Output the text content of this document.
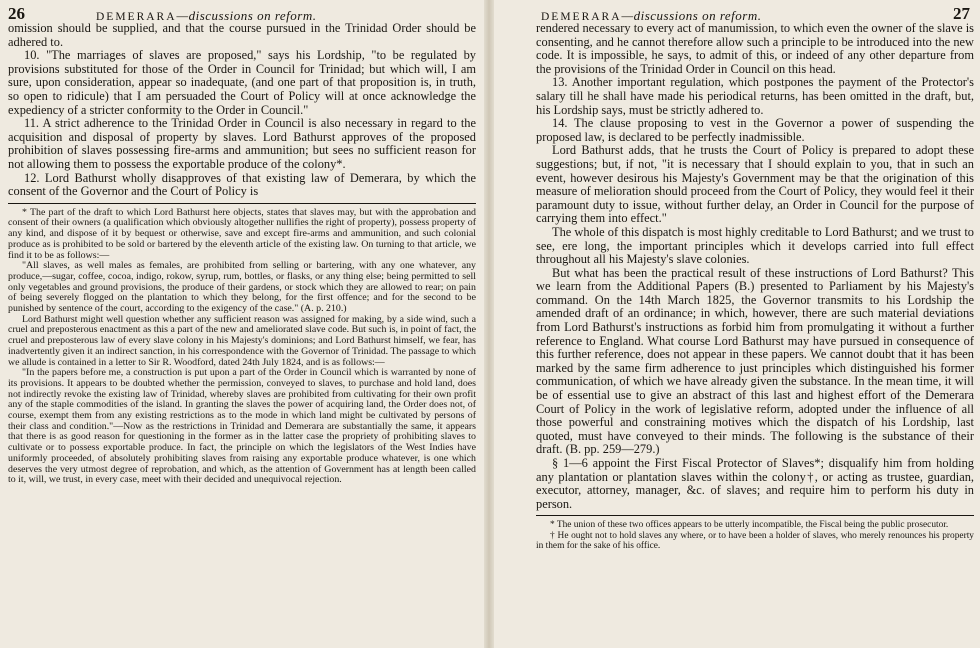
26	DEMERARA—discussions on reform.

omission should be supplied, and that the course pursued in the Trinidad Order should be adhered to.

10. "The marriages of slaves are proposed," says his Lordship, "to be regulated by provisions substituted for those of the Order in Council for Trinidad; but which will, I am sure, upon consideration, appear so inadequate, (and one part of that proposition is, in truth, so open to ridicule) that I am persuaded the Court of Policy will at once acknowledge the expediency of a stricter conformity to the Order in Council."

11. A strict adherence to the Trinidad Order in Council is also necessary in regard to the acquisition and disposal of property by slaves. Lord Bathurst approves of the proposed prohibition of slaves possessing fire-arms and ammunition; but sees no sufficient reason for not allowing them to possess the exportable produce of the colony*.

12. Lord Bathurst wholly disapproves of that existing law of Demerara, by which the consent of the Governor and the Court of Policy is

* The part of the draft to which Lord Bathurst here objects, states that slaves may, but with the approbation and consent of their owners (a qualification which obviously altogether nullifies the right of property), possess property of any kind, and dispose of it by bequest or otherwise, save and except fire-arms and ammunition, and such colonial produce as is prohibited to be sold or bartered by the eleventh article of the existing law. On turning to that article, we find it to be as follows:—

"All slaves, as well males as females, are prohibited from selling or bartering, with any one whatever, any produce,—sugar, coffee, cocoa, indigo, rokow, syrup, rum, bottles, or flasks, or any thing else; being permitted to sell only vegetables and ground provisions, the produce of their gardens, or stock which they are allowed to rear; on pain of being severely flogged on the plantation to which they belong, for the first offence; and for the second to be punished by sentence of the court, according to the exigency of the case." (A. p. 210.)

Lord Bathurst might well question whether any sufficient reason was assigned for making, by a side wind, such a cruel and preposterous enactment as this a part of the new and ameliorated slave code. But such is, in point of fact, the cruel and preposterous law of every slave colony in his Majesty's dominions; and Lord Bathurst himself, we fear, has inadvertently given it an indirect sanction, in his correspondence with the Governor of Trinidad. The passage to which we allude is contained in a letter to Sir R. Woodford, dated 24th July 1824, and is as follows:—

"In the papers before me, a construction is put upon a part of the Order in Council which is warranted by none of its provisions. It appears to be doubted whether the permission, conveyed to slaves, to purchase and hold land, does not indirectly revoke the existing law of Trinidad, whereby slaves are prohibited from cultivating for their own profit any of the staple commodities of the island. In granting the slaves the power of acquiring land, the Order does not, of course, exempt them from any existing restrictions as to the mode in which land might be cultivated by persons of their class and condition."—Now as the restrictions in Trinidad and Demerara are substantially the same, it appears that there is as good reason for questioning in the former as in the latter case the propriety of prohibiting slaves to cultivate or to possess exportable produce. In fact, the principle on which the legislators of the West Indies have uniformly proceeded, of absolutely prohibiting slaves from raising any exportable produce whatever, is one which deserves the very utmost degree of reprobation, and which, as the attention of Government has at length been called to it, will, we trust, in every case, meet with their decided and unequivocal rejection.

DEMERARA—discussions on reform.	27

rendered necessary to every act of manumission, to which even the owner of the slave is consenting, and he cannot therefore allow such a principle to be introduced into the new code. It is impossible, he says, to admit of this, or indeed of any other departure from the provisions of the Trinidad Order in Council on this head.

13. Another important regulation, which postpones the payment of the Protector's salary till he shall have made his periodical returns, has been omitted in the draft, but, his Lordship says, must be strictly adhered to.

14. The clause proposing to vest in the Governor a power of suspending the proposed law, is declared to be perfectly inadmissible.

Lord Bathurst adds, that he trusts the Court of Policy is prepared to adopt these suggestions; but, if not, "it is necessary that I should explain to you, that in such an event, however desirous his Majesty's Government may be that the origination of this measure of melioration should proceed from the Court of Policy, they would feel it their paramount duty to issue, without further delay, an Order in Council for the purpose of carrying them into effect."

The whole of this dispatch is most highly creditable to Lord Bathurst; and we trust to see, ere long, the important principles which it develops carried into full effect throughout all his Majesty's slave colonies.

But what has been the practical result of these instructions of Lord Bathurst? This we learn from the Additional Papers (B.) presented to Parliament by his Majesty's command. On the 14th March 1825, the Governor transmits to his Lordship the amended draft of an ordinance; in which, however, there are such material deviations from Lord Bathurst's instructions as forbid him from promulgating it without a further reference to England. What course Lord Bathurst may have pursued in consequence of this further reference, does not appear in these papers. We cannot doubt that it has been marked by the same firm adherence to just principles which distinguished his former communication, of which we have already given the substance. In the mean time, it will be of essential use to give an abstract of this last and highest effort of the Demerara Court of Policy in the work of legislative reform, adopted under the influence of all those powerful and constraining motives which the dispatch of his Lordship, last quoted, must have conveyed to their minds. The following is the substance of their draft. (B. pp. 259—279.)

§ 1—6 appoint the First Fiscal Protector of Slaves*; disqualify him from holding any plantation or plantation slaves within the colony†, or acting as trustee, guardian, executor, attorney, manager, &c. of slaves; and require him to perform his duty in person.

* The union of these two offices appears to be utterly incompatible, the Fiscal being the public prosecutor.

† He ought not to hold slaves any where, or to have been a holder of slaves, who merely renounces his property in them for the sake of his office.
